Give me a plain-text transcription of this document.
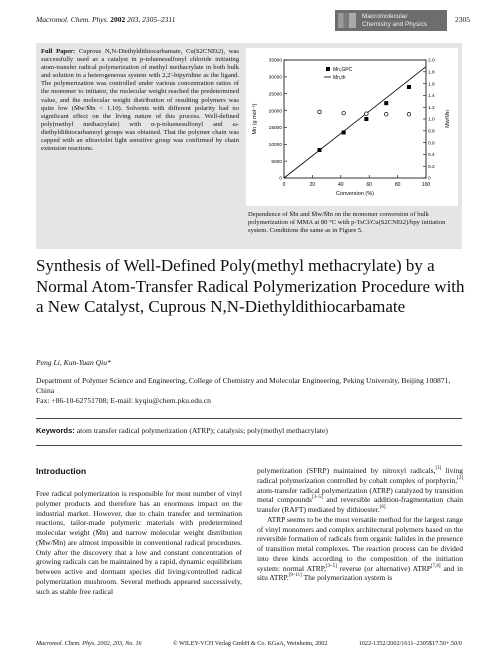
Macromol. Chem. Phys. 2002 203, 2305–2311	Macromolecular
Chemistry and Physics	2305
Full Paper: Cuprous N,N-Diethyldithiocarbamate, Cu(S2CNEt2), was successfully used as a catalyst in p-toluenesulfonyl chloride initiating atom-transfer radical polymerization of methyl methacrylate in both bulk and solution in a heterogeneous system with 2,2′-bipyridine as the ligand. The polymerization was controlled under various concentration ratios of the monomer to initiator, the molecular weight reached the predetermined value, and the molecular weight distribution of resulting polymers was quite low (M̄w/M̄n < 1.10). Solvents with different polarity had no significant effect on the living nature of this process. Well-defined poly(methyl methacrylate) with α-p-toluenesulfonyl and ω-diethyldithiocarbamoyl groups was obtained. That the polymer chain was capped with an ultraviolet light sensitive group was confirmed by chain extension reactions.
0	20	40	60	80	100
0
5000
10000
15000
20000
25000
30000
35000
0
0.2
0.4
0.6
0.8
1.0
1.2
1.4
1.6
1.8
2.0
Conversion (%)
Mn (g mol⁻¹)	Mw/Mn
Mn,GPC
Mn,th
Dependence of M̄n and M̄w/M̄n on the monomer conversion of bulk polymerization of MMA at 80 °C with p-TsCl/Cu(S2CNEt2)/bpy initiation system. Conditions the same as in Figure 5.
Synthesis of Well-Defined Poly(methyl methacrylate) by a Normal Atom-Transfer Radical Polymerization Procedure with a New Catalyst, Cuprous N,N-Diethyldithiocarbamate
Peng Li, Kun-Yuan Qiu*
Department of Polymer Science and Engineering, College of Chemistry and Molecular Engineering, Peking University, Beijing 100871, China
Fax: +86-10-62751708; E-mail: kyqiu@chem.pku.edu.cn
Keywords: atom transfer radical polymerization (ATRP); catalysis; poly(methyl methacrylate)
Introduction
Free radical polymerization is responsible for most number of vinyl polymer products and therefore has an enormous impact on the industrial market. However, due to chain transfer and termination reactions, tailor-made polymeric materials with predetermined molecular weight (M̄n) and narrow molecular weight distribution (M̄w/M̄n) are almost impossible in conventional radical procedures. Only after the discovery that a low and constant concentration of growing radicals can be maintained by a rapid, dynamic equilibrium between active and dormant species did living/controlled radical polymerization mushroom. Several methods appeared successively, such as stable free radical
polymerization (SFRP) maintained by nitroxyl radicals,[1] living radical polymerization controlled by cobalt complex of porphyrin,[2] atom-transfer radical polymerization (ATRP) catalyzed by transition metal compounds[3–5] and reversible addition-fragmentation chain transfer (RAFT) mediated by dithioester.[6]
ATRP seems to be the most versatile method for the largest range of vinyl monomers and complex architectural polymers based on the reversible formation of radicals from organic halides in the presence of transition metal complexes. The reaction process can be divided into three kinds according to the composition of the initiation system: normal ATRP,[3–5] reverse (or alternative) ATRP[7,8] and in situ ATRP.[9–11] The polymerization system is
Macromol. Chem. Phys. 2002, 203, No. 16	© WILEY-VCH Verlag GmbH & Co. KGaA, Weinheim, 2002	1022-1352/2002/1611–2305$17.50+.50/0
